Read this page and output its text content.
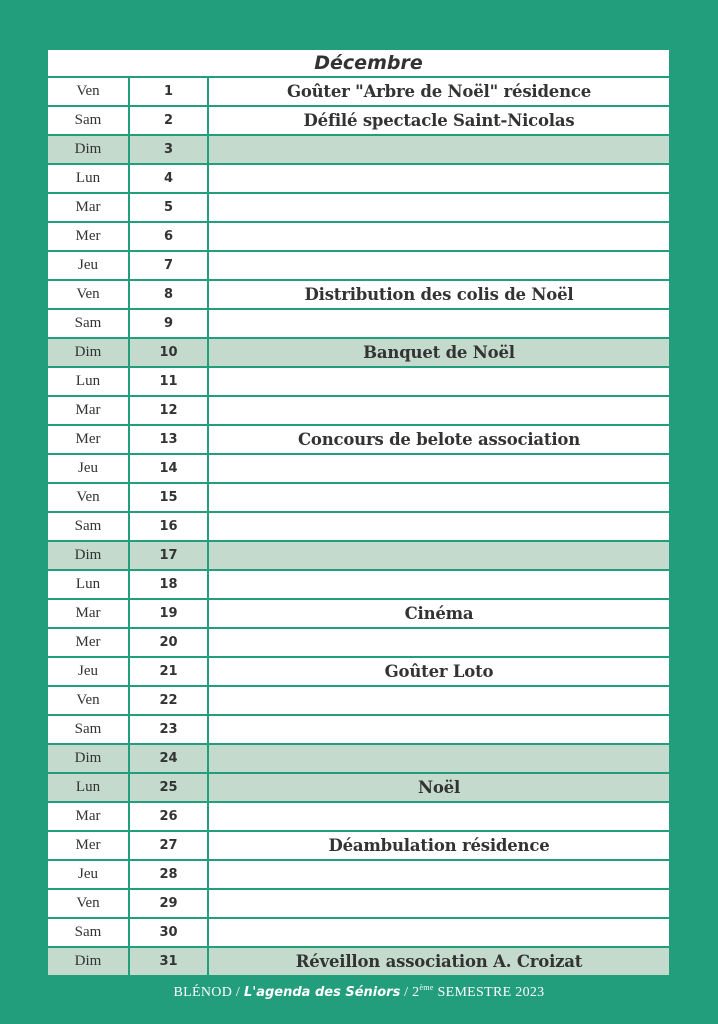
Décembre
Ven	1	Goûter "Arbre de Noël" résidence
Sam	2	Défilé spectacle Saint-Nicolas
Dim	3	
Lun	4	
Mar	5	
Mer	6	
Jeu	7	
Ven	8	Distribution des colis de Noël
Sam	9	
Dim	10	Banquet de Noël
Lun	11	
Mar	12	
Mer	13	Concours de belote association
Jeu	14	
Ven	15	
Sam	16	
Dim	17	
Lun	18	
Mar	19	Cinéma
Mer	20	
Jeu	21	Goûter Loto
Ven	22	
Sam	23	
Dim	24	
Lun	25	Noël
Mar	26	
Mer	27	Déambulation résidence
Jeu	28	
Ven	29	
Sam	30	
Dim	31	Réveillon association A. Croizat
BLÉNOD / L'agenda des Séniors / 2ème SEMESTRE 2023
